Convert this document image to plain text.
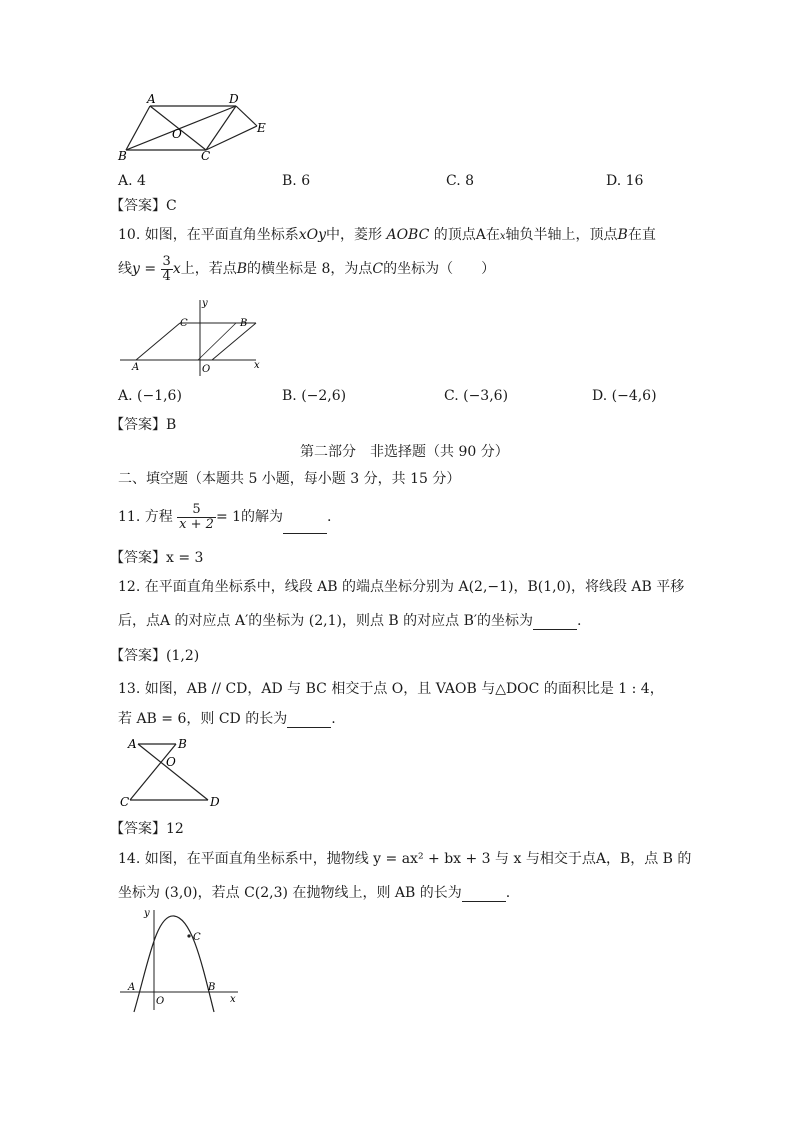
A	D
O	E
B	C
A. 4	B. 6	C. 8	D. 16
【答案】C
10. 如图，在平面直角坐标系xOy中，菱形 AOBC 的顶点A在x轴负半轴上，顶点B在直
线$y = \frac{3}{4}$ x上，若点B的横坐标是 8，为点C的坐标为（　　）
y
C	B
A	O	x
A. (−1,6)	B. (−2,6)	C. (−3,6)	D. (−4,6)
【答案】B
第二部分　非选择题（共 90 分）
二、填空题（本题共 5 小题，每小题 3 分，共 15 分）
11. 方程 $\frac{5}{x + 2} = 1$的解为	.
【答案】x = 3
12. 在平面直角坐标系中，线段 AB 的端点坐标分别为 A(2,−1)，B(1,0)，将线段 AB 平移
后，点A 的对应点 A′的坐标为 (2,1)，则点 B 的对应点 B′的坐标为	.
【答案】(1,2)
13. 如图，AB // CD，AD 与 BC 相交于点 O，且 VAOB 与△DOC 的面积比是 1 : 4，
若 AB = 6，则 CD 的长为	.
A	B
O
C	D
【答案】12
14. 如图，在平面直角坐标系中，抛物线 y = ax² + bx + 3 与 x 与相交于点A，B，点 B 的
坐标为 (3,0)，若点 C(2,3) 在抛物线上，则 AB 的长为	.
y
C
A
O
B
x
